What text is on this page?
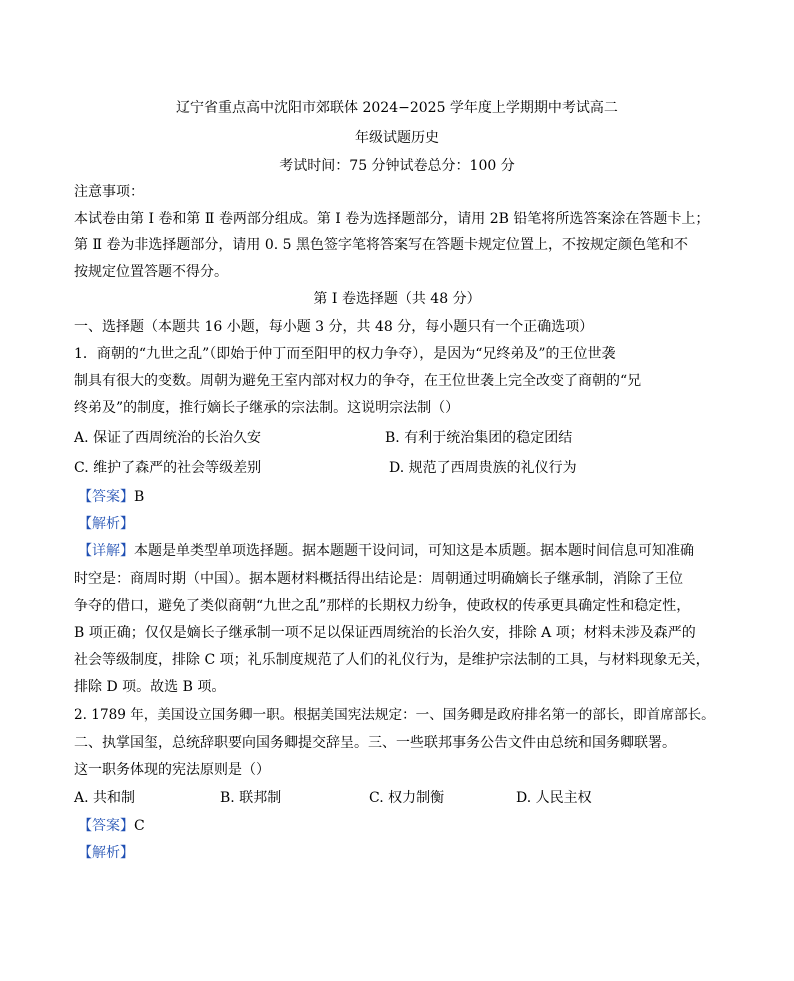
辽宁省重点高中沈阳市郊联体 2024−2025 学年度上学期期中考试高二
年级试题历史
考试时间：75 分钟试卷总分：100 分
注意事项：
本试卷由第 Ⅰ 卷和第 Ⅱ 卷两部分组成。第 Ⅰ 卷为选择题部分，请用 2B 铅笔将所选答案涂在答题卡上；
第 Ⅱ 卷为非选择题部分，请用 0. 5 黑色签字笔将答案写在答题卡规定位置上，不按规定颜色笔和不
按规定位置答题不得分。
第 Ⅰ 卷选择题（共 48 分）
一、选择题（本题共 16 小题，每小题 3 分，共 48 分，每小题只有一个正确选项）
1．商朝的“九世之乱”（即始于仲丁而至阳甲的权力争夺），是因为“兄终弟及”的王位世袭
制具有很大的变数。周朝为避免王室内部对权力的争夺，在王位世袭上完全改变了商朝的“兄
终弟及”的制度，推行嫡长子继承的宗法制。这说明宗法制（）
A. 保证了西周统治的长治久安	B. 有利于统治集团的稳定团结
C. 维护了森严的社会等级差别	D. 规范了西周贵族的礼仪行为
【答案】B
【解析】
【详解】本题是单类型单项选择题。据本题题干设问词，可知这是本质题。据本题时间信息可知准确
时空是：商周时期（中国）。据本题材料概括得出结论是：周朝通过明确嫡长子继承制，消除了王位
争夺的借口，避免了类似商朝“九世之乱”那样的长期权力纷争，使政权的传承更具确定性和稳定性，
B 项正确；仅仅是嫡长子继承制一项不足以保证西周统治的长治久安，排除 A 项；材料未涉及森严的
社会等级制度，排除 C 项；礼乐制度规范了人们的礼仪行为，是维护宗法制的工具，与材料现象无关，
排除 D 项。故选 B 项。
2. 1789 年，美国设立国务卿一职。根据美国宪法规定：一、国务卿是政府排名第一的部长，即首席部长。
二、执掌国玺，总统辞职要向国务卿提交辞呈。三、一些联邦事务公告文件由总统和国务卿联署。
这一职务体现的宪法原则是（）
A. 共和制	B. 联邦制	C. 权力制衡	D. 人民主权
【答案】C
【解析】
